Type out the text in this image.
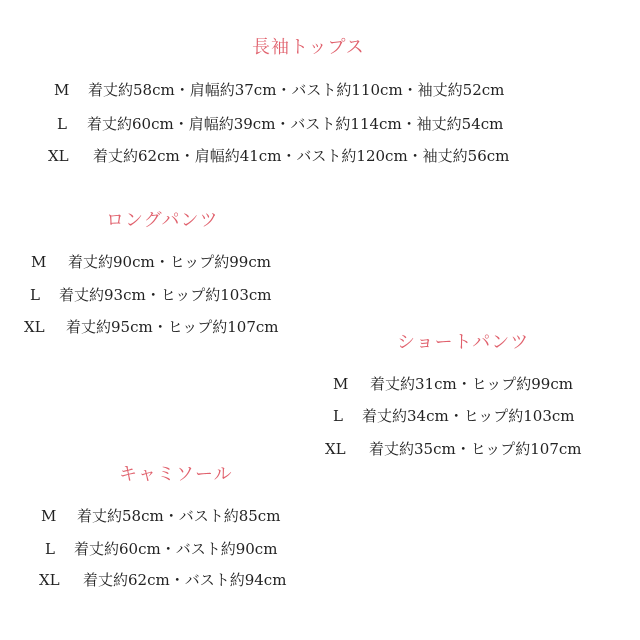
長袖トップス
M 着丈約58cm・肩幅約37cm・バスト約110cm・袖丈約52cm
L 着丈約60cm・肩幅約39cm・バスト約114cm・袖丈約54cm
XL 着丈約62cm・肩幅約41cm・バスト約120cm・袖丈約56cm
ロングパンツ
M 着丈約90cm・ヒップ約99cm
L 着丈約93cm・ヒップ約103cm
XL 着丈約95cm・ヒップ約107cm
ショートパンツ
M 着丈約31cm・ヒップ約99cm
L 着丈約34cm・ヒップ約103cm
XL 着丈約35cm・ヒップ約107cm
キャミソール
M 着丈約58cm・バスト約85cm
L 着丈約60cm・バスト約90cm
XL 着丈約62cm・バスト約94cm
